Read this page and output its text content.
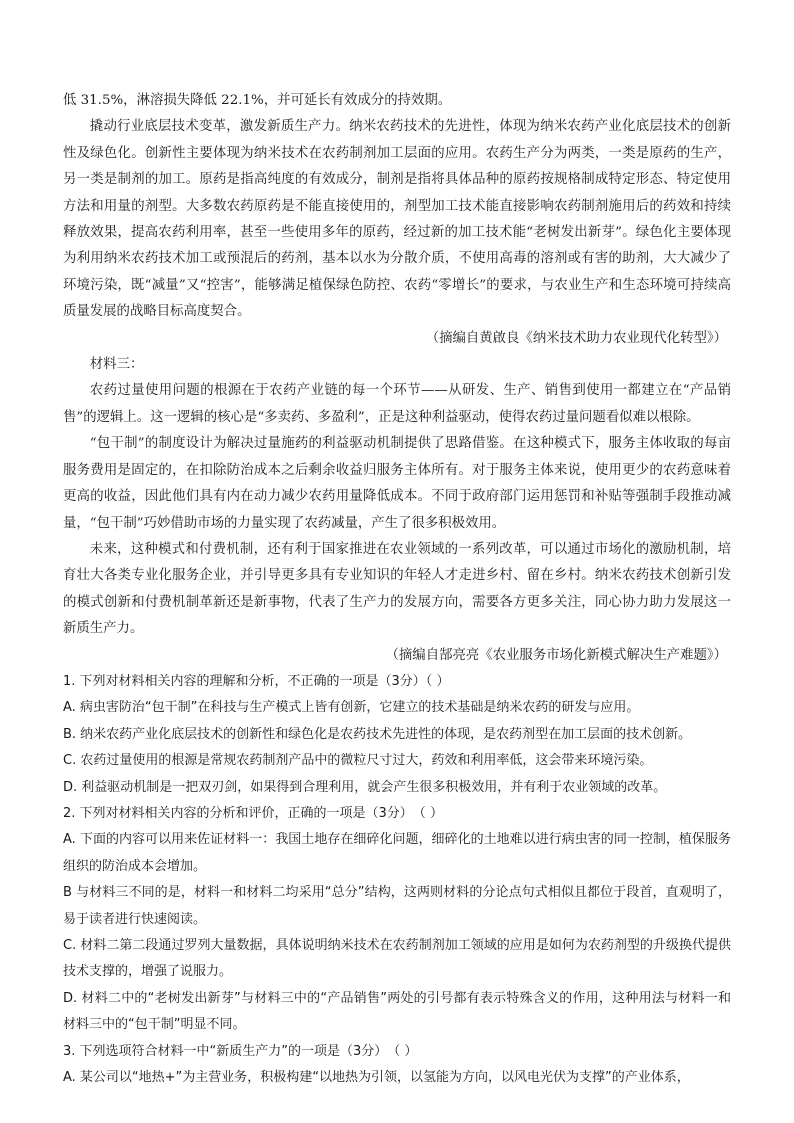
低 31.5%，淋溶损失降低 22.1%，并可延长有效成分的持效期。

撬动行业底层技术变革，激发新质生产力。纳米农药技术的先进性，体现为纳米农药产业化底层技术的创新性及绿色化。创新性主要体现为纳米技术在农药制剂加工层面的应用。农药生产分为两类，一类是原药的生产，另一类是制剂的加工。原药是指高纯度的有效成分，制剂是指将具体品种的原药按规格制成特定形态、特定使用方法和用量的剂型。大多数农药原药是不能直接使用的，剂型加工技术能直接影响农药制剂施用后的药效和持续释放效果，提高农药利用率，甚至一些使用多年的原药，经过新的加工技术能“老树发出新芽”。绿色化主要体现为利用纳米农药技术加工或预混后的药剂，基本以水为分散介质，不使用高毒的溶剂或有害的助剂，大大减少了环境污染，既“减量”又“控害”，能够满足植保绿色防控、农药“零增长”的要求，与农业生产和生态环境可持续高质量发展的战略目标高度契合。

（摘编自黄啟良《纳米技术助力农业现代化转型》）

材料三：

农药过量使用问题的根源在于农药产业链的每一个环节——从研发、生产、销售到使用一都建立在“产品销售”的逻辑上。这一逻辑的核心是“多卖药、多盈利”，正是这种利益驱动，使得农药过量问题看似难以根除。

“包干制”的制度设计为解决过量施药的利益驱动机制提供了思路借鉴。在这种模式下，服务主体收取的每亩服务费用是固定的，在扣除防治成本之后剩余收益归服务主体所有。对于服务主体来说，使用更少的农药意味着更高的收益，因此他们具有内在动力减少农药用量降低成本。不同于政府部门运用惩罚和补贴等强制手段推动减量，“包干制”巧妙借助市场的力量实现了农药减量，产生了很多积极效用。

未来，这种模式和付费机制，还有利于国家推进在农业领域的一系列改革，可以通过市场化的激励机制，培育壮大各类专业化服务企业，并引导更多具有专业知识的年轻人才走进乡村、留在乡村。纳米农药技术创新引发的模式创新和付费机制革新还是新事物，代表了生产力的发展方向，需要各方更多关注，同心协力助力发展这一新质生产力。

（摘编自郜亮亮《农业服务市场化新模式解决生产难题》）

1. 下列对材料相关内容的理解和分析，不正确的一项是（3分）（ ）

A. 病虫害防治“包干制”在科技与生产模式上皆有创新，它建立的技术基础是纳米农药的研发与应用。

B. 纳米农药产业化底层技术的创新性和绿色化是农药技术先进性的体现，是农药剂型在加工层面的技术创新。

C. 农药过量使用的根源是常规农药制剂产品中的微粒尺寸过大，药效和利用率低，这会带来环境污染。

D. 利益驱动机制是一把双刃剑，如果得到合理利用，就会产生很多积极效用，并有利于农业领域的改革。

2. 下列对材料相关内容的分析和评价，正确的一项是（3分）　（ ）

A. 下面的内容可以用来佐证材料一：我国土地存在细碎化问题，细碎化的土地难以进行病虫害的同一控制，植保服务组织的防治成本会增加。

B 与材料三不同的是，材料一和材料二均采用“总分”结构，这两则材料的分论点句式相似且都位于段首，直观明了，易于读者进行快速阅读。

C. 材料二第二段通过罗列大量数据，具体说明纳米技术在农药制剂加工领域的应用是如何为农药剂型的升级换代提供技术支撑的，增强了说服力。

D. 材料二中的“老树发出新芽”与材料三中的“产品销售”两处的引号都有表示特殊含义的作用，这种用法与材料一和材料三中的“包干制”明显不同。

3. 下列选项符合材料一中“新质生产力”的一项是（3分）　（ ）

A. 某公司以“地热+”为主营业务，积极构建“以地热为引领，以氢能为方向，以风电光伏为支撑”的产业体系，
